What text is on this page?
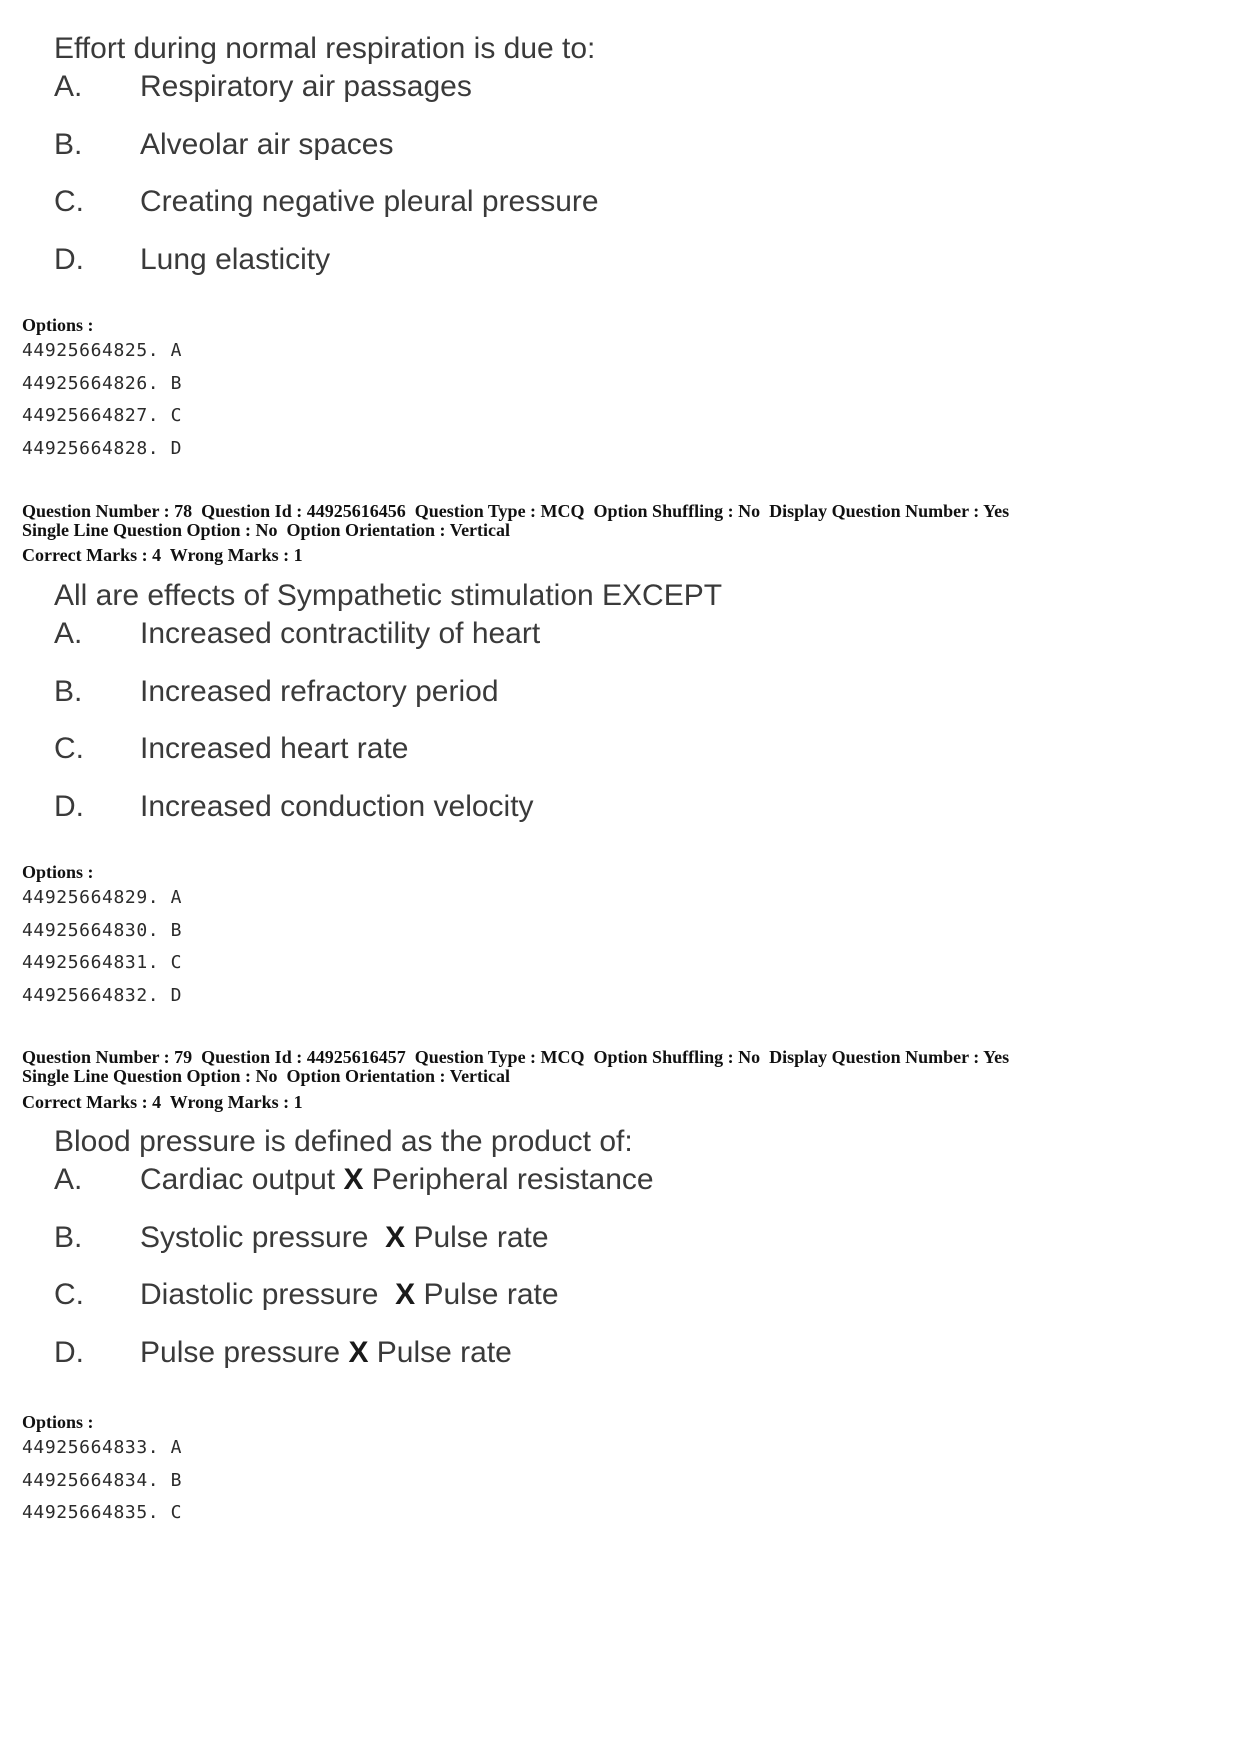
Effort during normal respiration is due to:
A. Respiratory air passages
B. Alveolar air spaces
C. Creating negative pleural pressure
D. Lung elasticity
Options :
44925664825. A
44925664826. B
44925664827. C
44925664828. D
Question Number : 78  Question Id : 44925616456  Question Type : MCQ  Option Shuffling : No  Display Question Number : Yes
Single Line Question Option : No  Option Orientation : Vertical
Correct Marks : 4  Wrong Marks : 1
All are effects of Sympathetic stimulation EXCEPT
A. Increased contractility of heart
B. Increased refractory period
C. Increased heart rate
D. Increased conduction velocity
Options :
44925664829. A
44925664830. B
44925664831. C
44925664832. D
Question Number : 79  Question Id : 44925616457  Question Type : MCQ  Option Shuffling : No  Display Question Number : Yes
Single Line Question Option : No  Option Orientation : Vertical
Correct Marks : 4  Wrong Marks : 1
Blood pressure is defined as the product of:
A. Cardiac output X Peripheral resistance
B. Systolic pressure  X Pulse rate
C. Diastolic pressure  X Pulse rate
D. Pulse pressure X Pulse rate
Options :
44925664833. A
44925664834. B
44925664835. C
